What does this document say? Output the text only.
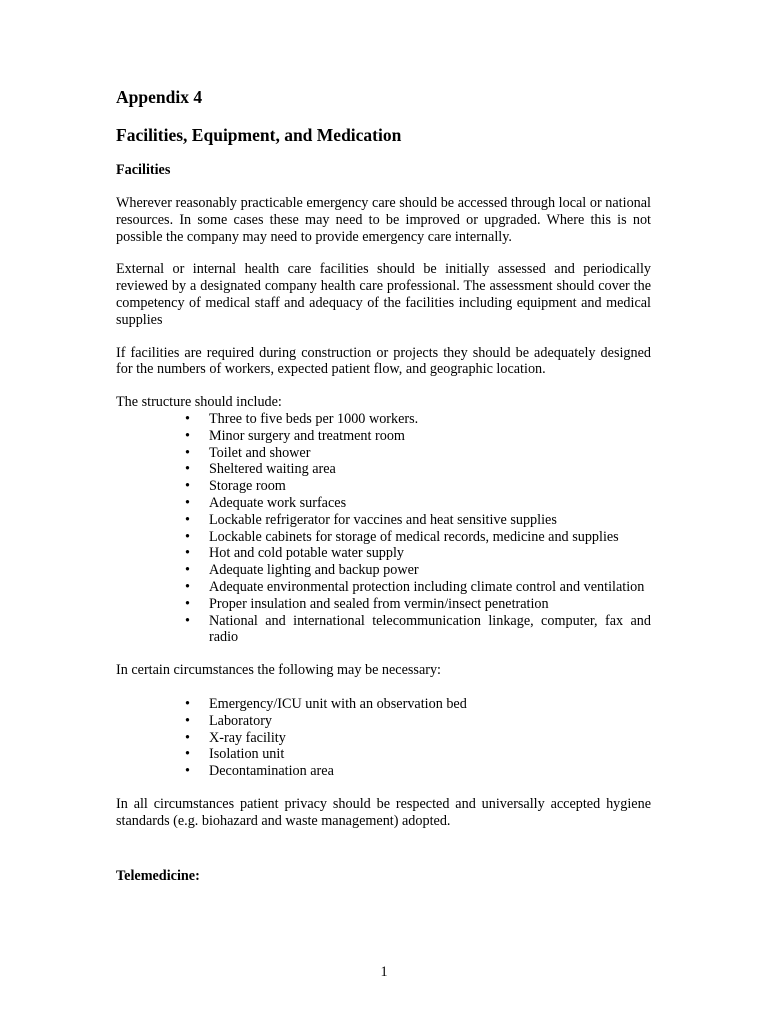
Appendix 4
Facilities, Equipment, and Medication
Facilities

Wherever reasonably practicable emergency care should be accessed through local or national resources. In some cases these may need to be improved or upgraded. Where this is not possible the company may need to provide emergency care internally.

External or internal health care facilities should be initially assessed and periodically reviewed by a designated company health care professional. The assessment should cover the competency of medical staff and adequacy of the facilities including equipment and medical supplies

If facilities are required during construction or projects they should be adequately designed for the numbers of workers, expected patient flow, and geographic location.

The structure should include:

• Three to five beds per 1000 workers.
• Minor surgery and treatment room
• Toilet and shower
• Sheltered waiting area
• Storage room
• Adequate work surfaces
• Lockable refrigerator for vaccines and heat sensitive supplies
• Lockable cabinets for storage of medical records, medicine and supplies
• Hot and cold potable water supply
• Adequate lighting and backup power
• Adequate environmental protection including climate control and ventilation
• Proper insulation and sealed from vermin/insect penetration
• National and international telecommunication linkage, computer, fax and radio

In certain circumstances the following may be necessary:

• Emergency/ICU unit with an observation bed
• Laboratory
• X-ray facility
• Isolation unit
• Decontamination area

In all circumstances patient privacy should be respected and universally accepted hygiene standards (e.g. biohazard and waste management) adopted.

Telemedicine:
1
